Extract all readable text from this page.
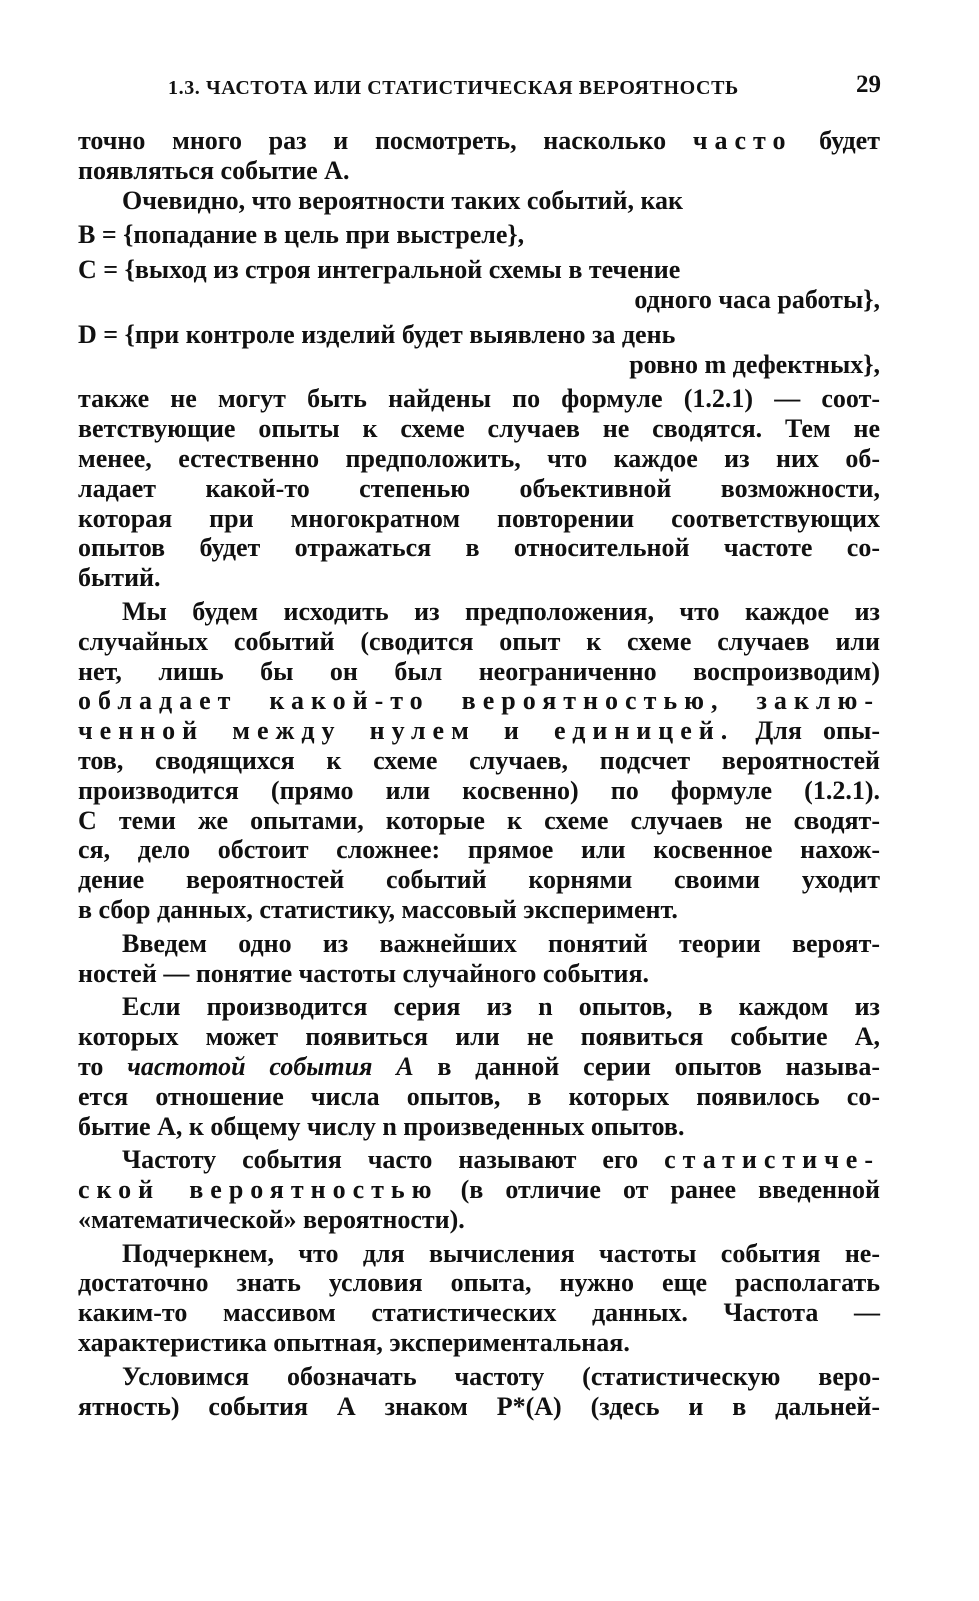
1.3. ЧАСТОТА ИЛИ СТАТИСТИЧЕСКАЯ ВЕРОЯТНОСТЬ	29

точно много раз и посмотреть, насколько часто будет
появляться событие А.

Очевидно, что вероятности таких событий, как

B = {попадание в цель при выстреле},
C = {выход из строя интегральной схемы в течение
одного часа работы},
D = {при контроле изделий будет выявлено за день
ровно m дефектных},

также не могут быть найдены по формуле (1.2.1) — соот-
ветствующие опыты к схеме случаев не сводятся. Тем не
менее, естественно предположить, что каждое из них об-
ладает какой-то степенью объективной возможности,
которая при многократном повторении соответствующих
опытов будет отражаться в относительной частоте со-
бытий.

Мы будем исходить из предположения, что каждое из
случайных событий (сводится опыт к схеме случаев или
нет, лишь бы он был неограниченно воспроизводим)
обладает какой-то вероятностью, заклю-
ченной между нулем и единицей. Для опы-
тов, сводящихся к схеме случаев, подсчет вероятностей
производится (прямо или косвенно) по формуле (1.2.1).
С теми же опытами, которые к схеме случаев не сводят-
ся, дело обстоит сложнее: прямое или косвенное нахож-
дение вероятностей событий корнями своими уходит
в сбор данных, статистику, массовый эксперимент.

Введем одно из важнейших понятий теории вероят-
ностей — понятие частоты случайного события.

Если производится серия из n опытов, в каждом из
которых может появиться или не появиться событие А,
то частотой события А в данной серии опытов называ-
ется отношение числа опытов, в которых появилось со-
бытие А, к общему числу n произведенных опытов.

Частоту события часто называют его статистиче-
ской вероятностью (в отличие от ранее введенной
«математической» вероятности).

Подчеркнем, что для вычисления частоты события не-
достаточно знать условия опыта, нужно еще располагать
каким-то массивом статистических данных. Частота —
характеристика опытная, экспериментальная.

Условимся обозначать частоту (статистическую веро-
ятность) события А знаком P*(A) (здесь и в дальней-
